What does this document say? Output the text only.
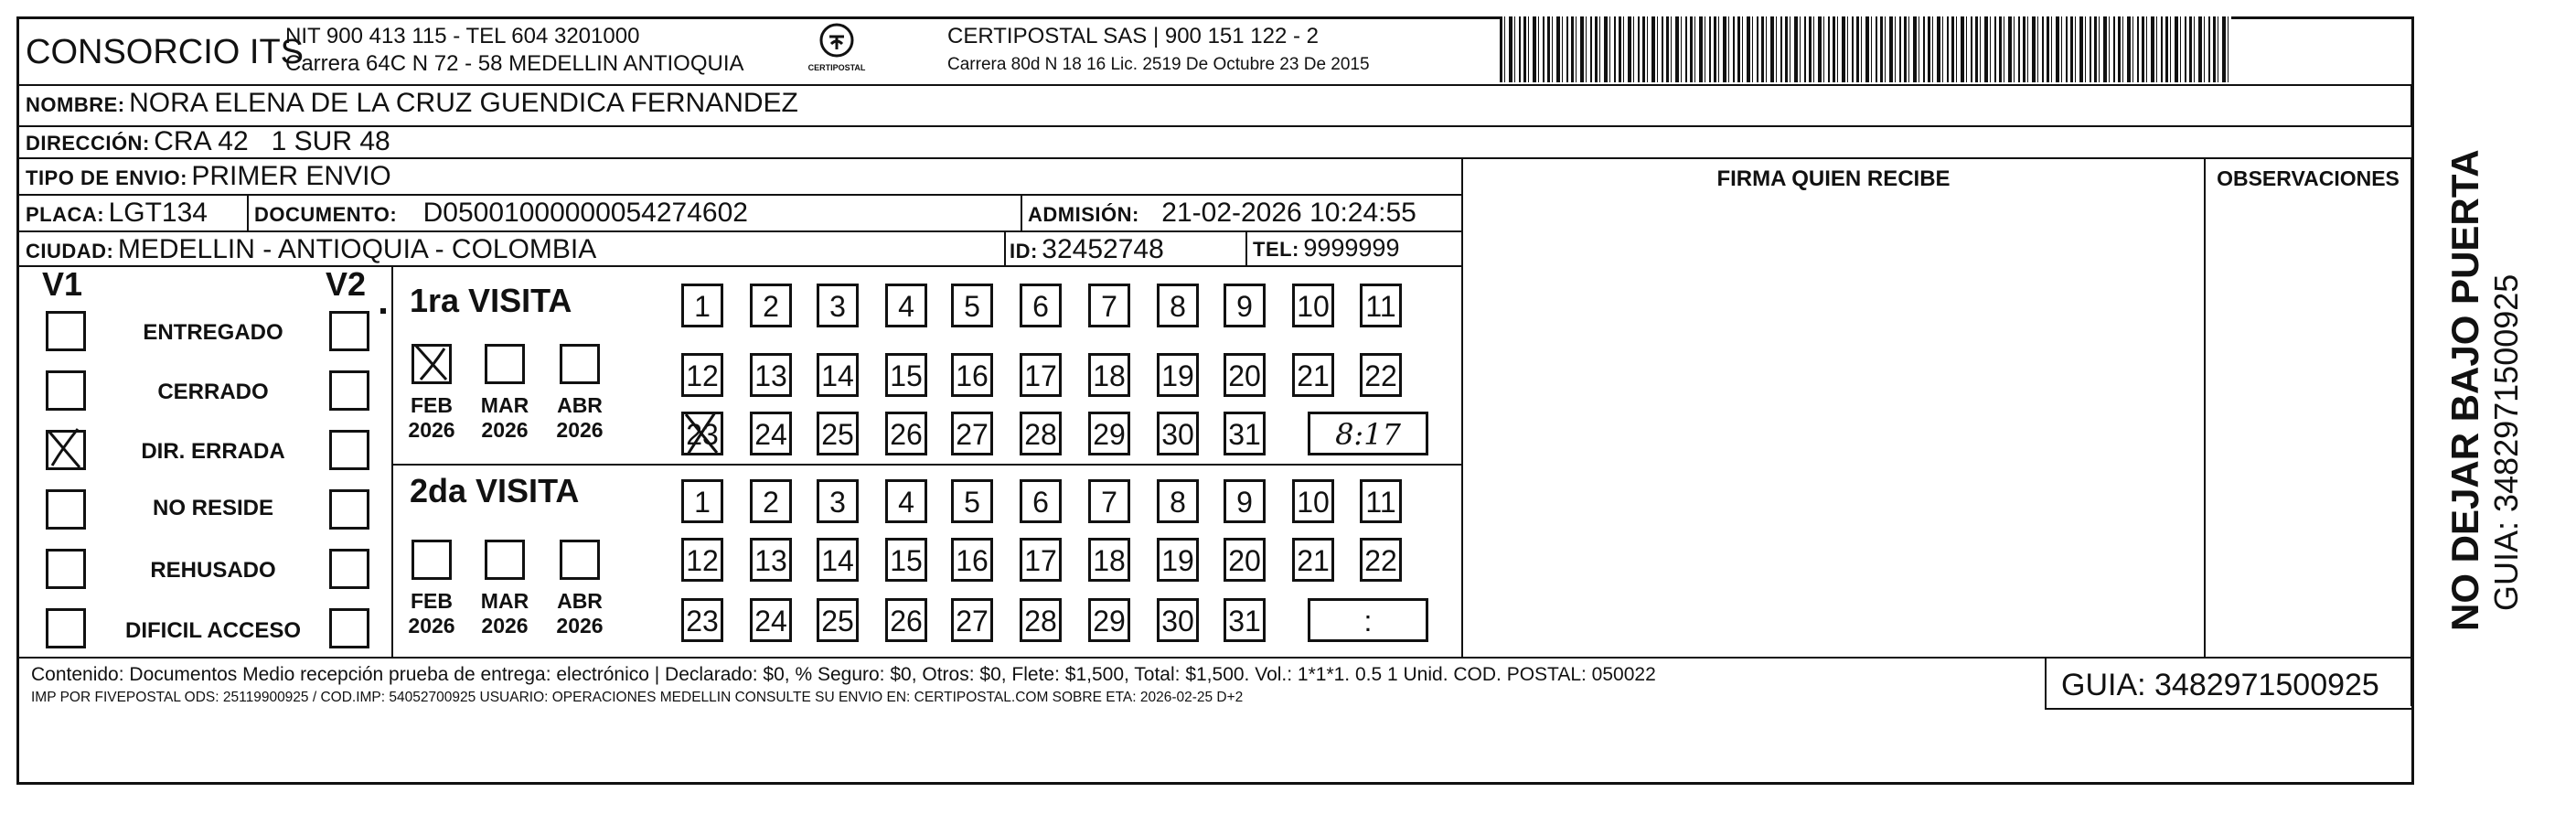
CONSORCIO ITS
NIT 900 413 115 - TEL 604 3201000
Carrera 64C N 72 - 58 MEDELLIN ANTIOQUIA	CERTIPOSTAL
CERTIPOSTAL SAS | 900 151 122 - 2
Carrera 80d N 18 16 Lic. 2519 De Octubre 23 De 2015
NOMBRE: NORA ELENA DE LA CRUZ GUENDICA FERNANDEZ
DIRECCIÓN: CRA 42   1 SUR 48
TIPO DE ENVIO: PRIMER ENVIO	FIRMA QUIEN RECIBE	OBSERVACIONES
PLACA: LGT134 DOCUMENTO: D05001000000054274602	ADMISIÓN: 21-02-2026 10:24:55
CIUDAD: MEDELLIN - ANTIOQUIA - COLOMBIA	ID: 32452748	TEL: 9999999
V1	V2
ENTREGADO
CERRADO
DIR. ERRADA
NO RESIDE
REHUSADO
DIFICIL ACCESO
1ra VISITA
2da VISITA
FEB
2026
MAR
2026
ABR
2026
FEB
2026
MAR
2026
ABR
2026
1	2	3	4	5	6	7	8	9	10 11
12 13 14 15 16 17 18 19 20 21 22
23 24 25 26 27 28 29 30 31	8:17
1	2	3	4	5	6	7	8	9	10 11
12 13 14 15 16 17 18 19 20 21 22
23 24 25 26 27 28 29 30 31	:
Contenido: Documentos Medio recepción prueba de entrega: electrónico | Declarado: $0, % Seguro: $0, Otros: $0, Flete: $1,500, Total: $1,500. Vol.: 1*1*1. 0.5 1 Unid. COD. POSTAL: 050022
IMP POR FIVEPOSTAL ODS: 25119900925 / COD.IMP: 54052700925 USUARIO: OPERACIONES MEDELLIN CONSULTE SU ENVIO EN: CERTIPOSTAL.COM SOBRE ETA: 2026-02-25 D+2	GUIA: 3482971500925
NO DEJAR BAJO PUERTA GUIA: 3482971500925
